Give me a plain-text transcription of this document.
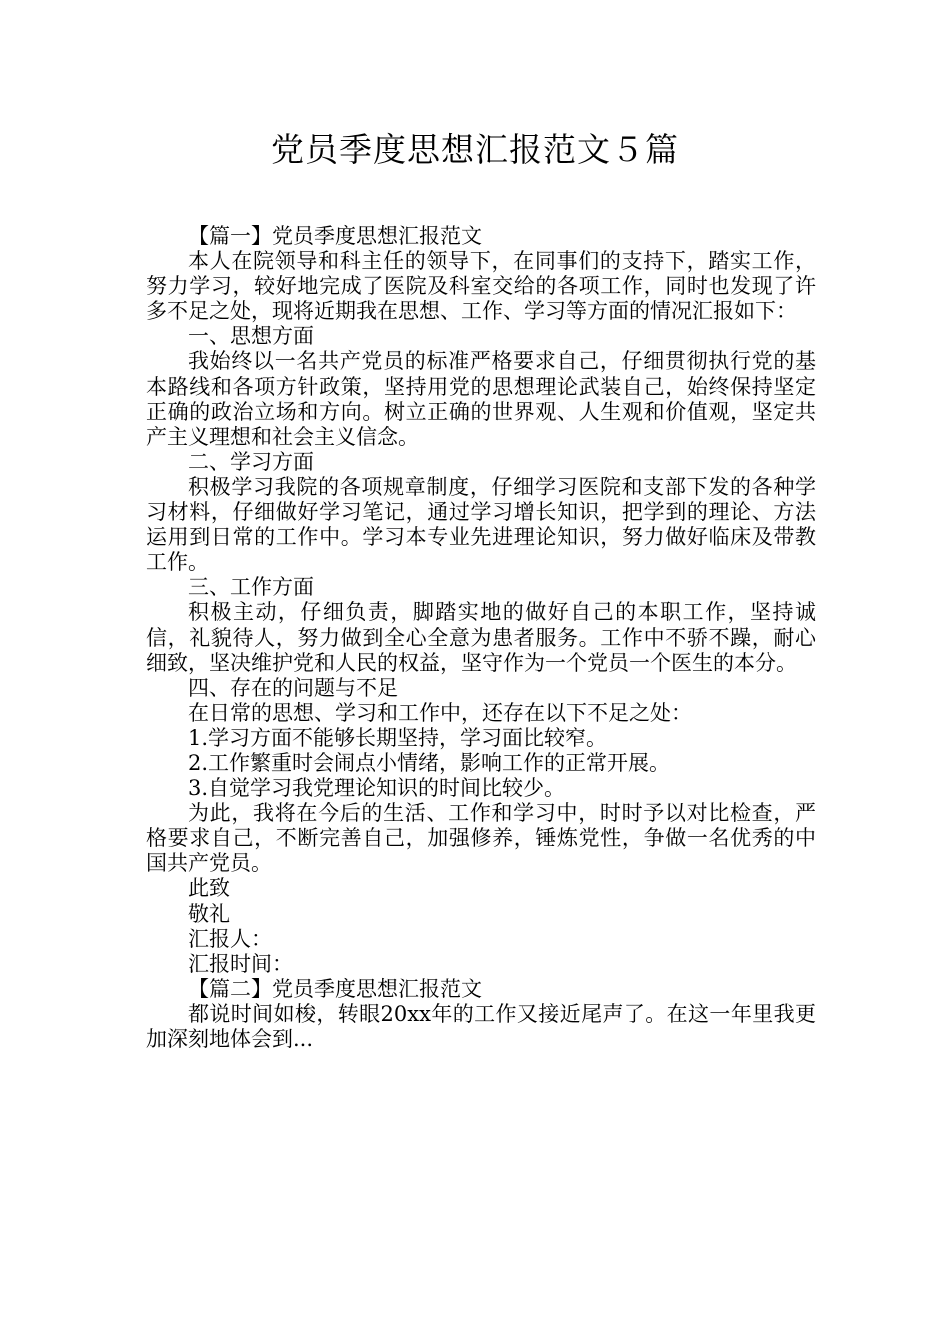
党员季度思想汇报范文５篇

【篇一】党员季度思想汇报范文

本人在院领导和科主任的领导下，在同事们的支持下，踏实工作，努力学习，较好地完成了医院及科室交给的各项工作，同时也发现了许多不足之处，现将近期我在思想、工作、学习等方面的情况汇报如下：

一、思想方面

我始终以一名共产党员的标准严格要求自己，仔细贯彻执行党的基本路线和各项方针政策，坚持用党的思想理论武装自己，始终保持坚定正确的政治立场和方向。树立正确的世界观、人生观和价值观，坚定共产主义理想和社会主义信念。

二、学习方面

积极学习我院的各项规章制度，仔细学习医院和支部下发的各种学习材料，仔细做好学习笔记，通过学习增长知识，把学到的理论、方法运用到日常的工作中。学习本专业先进理论知识，努力做好临床及带教工作。

三、工作方面

积极主动，仔细负责，脚踏实地的做好自己的本职工作，坚持诚信，礼貌待人，努力做到全心全意为患者服务。工作中不骄不躁，耐心细致，坚决维护党和人民的权益，坚守作为一个党员一个医生的本分。

四、存在的问题与不足

在日常的思想、学习和工作中，还存在以下不足之处：

1.学习方面不能够长期坚持，学习面比较窄。

2.工作繁重时会闹点小情绪，影响工作的正常开展。

3.自觉学习我党理论知识的时间比较少。

为此，我将在今后的生活、工作和学习中，时时予以对比检查，严格要求自己，不断完善自己，加强修养，锤炼党性，争做一名优秀的中国共产党员。

此致

敬礼

汇报人：

汇报时间：

【篇二】党员季度思想汇报范文

都说时间如梭，转眼20xx年的工作又接近尾声了。在这一年里我更加深刻地体会到...
